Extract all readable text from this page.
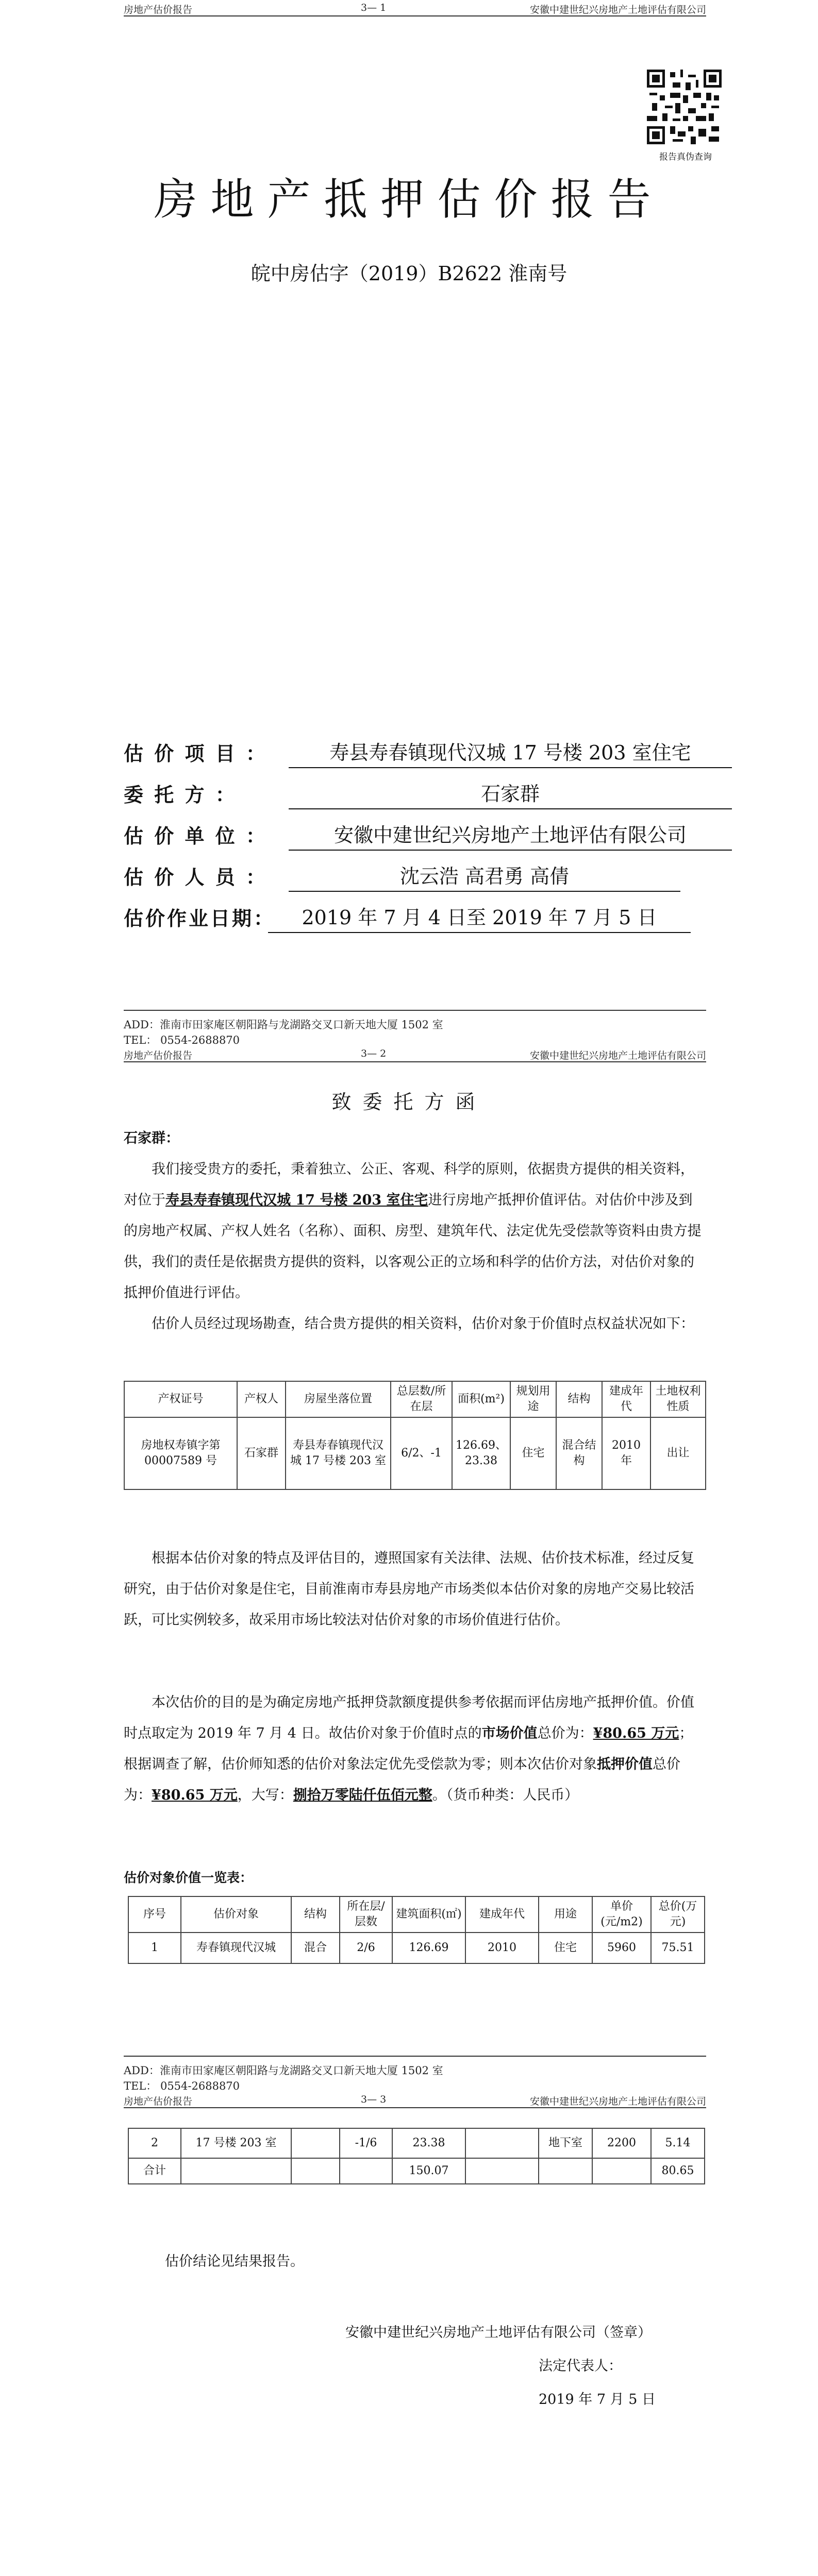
房地产估价报告	3— 1	安徽中建世纪兴房地产土地评估有限公司
报告真伪查询
房地产抵押估价报告
皖中房估字（2019）B2622 淮南号
估 价 项 目 ：	寿县寿春镇现代汉城 17 号楼 203 室住宅
委 托 方 ：	石家群
估 价 单 位 ：	安徽中建世纪兴房地产土地评估有限公司
估 价 人 员 ：	沈云浩 高君勇 高倩
估价作业日期：	2019 年 7 月 4 日至 2019 年 7 月 5 日
ADD：淮南市田家庵区朝阳路与龙湖路交叉口新天地大厦 1502 室
TEL： 0554-2688870
房地产估价报告	3— 2	安徽中建世纪兴房地产土地评估有限公司
致委托方函
石家群：
我们接受贵方的委托，秉着独立、公正、客观、科学的原则，依据贵方提供的相关资料，对位于寿县寿春镇现代汉城 17 号楼 203 室住宅进行房地产抵押价值评估。对估价中涉及到的房地产权属、产权人姓名（名称）、面积、房型、建筑年代、法定优先受偿款等资料由贵方提供，我们的责任是依据贵方提供的资料，以客观公正的立场和科学的估价方法，对估价对象的抵押价值进行评估。
估价人员经过现场勘查，结合贵方提供的相关资料，估价对象于价值时点权益状况如下：
产权证号	产权人	房屋坐落位置	总层数/所在层	面积(m²)	规划用途	结构	建成年代	土地权利性质
房地权寿镇字第00007589 号	石家群	寿县寿春镇现代汉城 17 号楼 203 室	6/2、-1	126.69、23.38	住宅	混合结构	2010 年	出让
根据本估价对象的特点及评估目的，遵照国家有关法律、法规、估价技术标准，经过反复研究，由于估价对象是住宅，目前淮南市寿县房地产市场类似本估价对象的房地产交易比较活跃，可比实例较多，故采用市场比较法对估价对象的市场价值进行估价。
本次估价的目的是为确定房地产抵押贷款额度提供参考依据而评估房地产抵押价值。价值时点取定为 2019 年 7 月 4 日。故估价对象于价值时点的市场价值总价为：¥80.65 万元；根据调查了解，估价师知悉的估价对象法定优先受偿款为零；则本次估价对象抵押价值总价为：¥80.65 万元，大写：捌拾万零陆仟伍佰元整。（货币种类：人民币）
估价对象价值一览表：
序号	估价对象	结构	所在层/层数	建筑面积(㎡)	建成年代	用途	单价(元/m2)	总价(万元)
1	寿春镇现代汉城	混合	2/6	126.69	2010	住宅	5960	75.51
ADD：淮南市田家庵区朝阳路与龙湖路交叉口新天地大厦 1502 室
TEL： 0554-2688870
房地产估价报告	3— 3	安徽中建世纪兴房地产土地评估有限公司
2	17 号楼 203 室		-1/6	23.38		地下室	2200	5.14
合计				150.07				80.65
估价结论见结果报告。
安徽中建世纪兴房地产土地评估有限公司（签章）
法定代表人：
2019 年 7 月 5 日
